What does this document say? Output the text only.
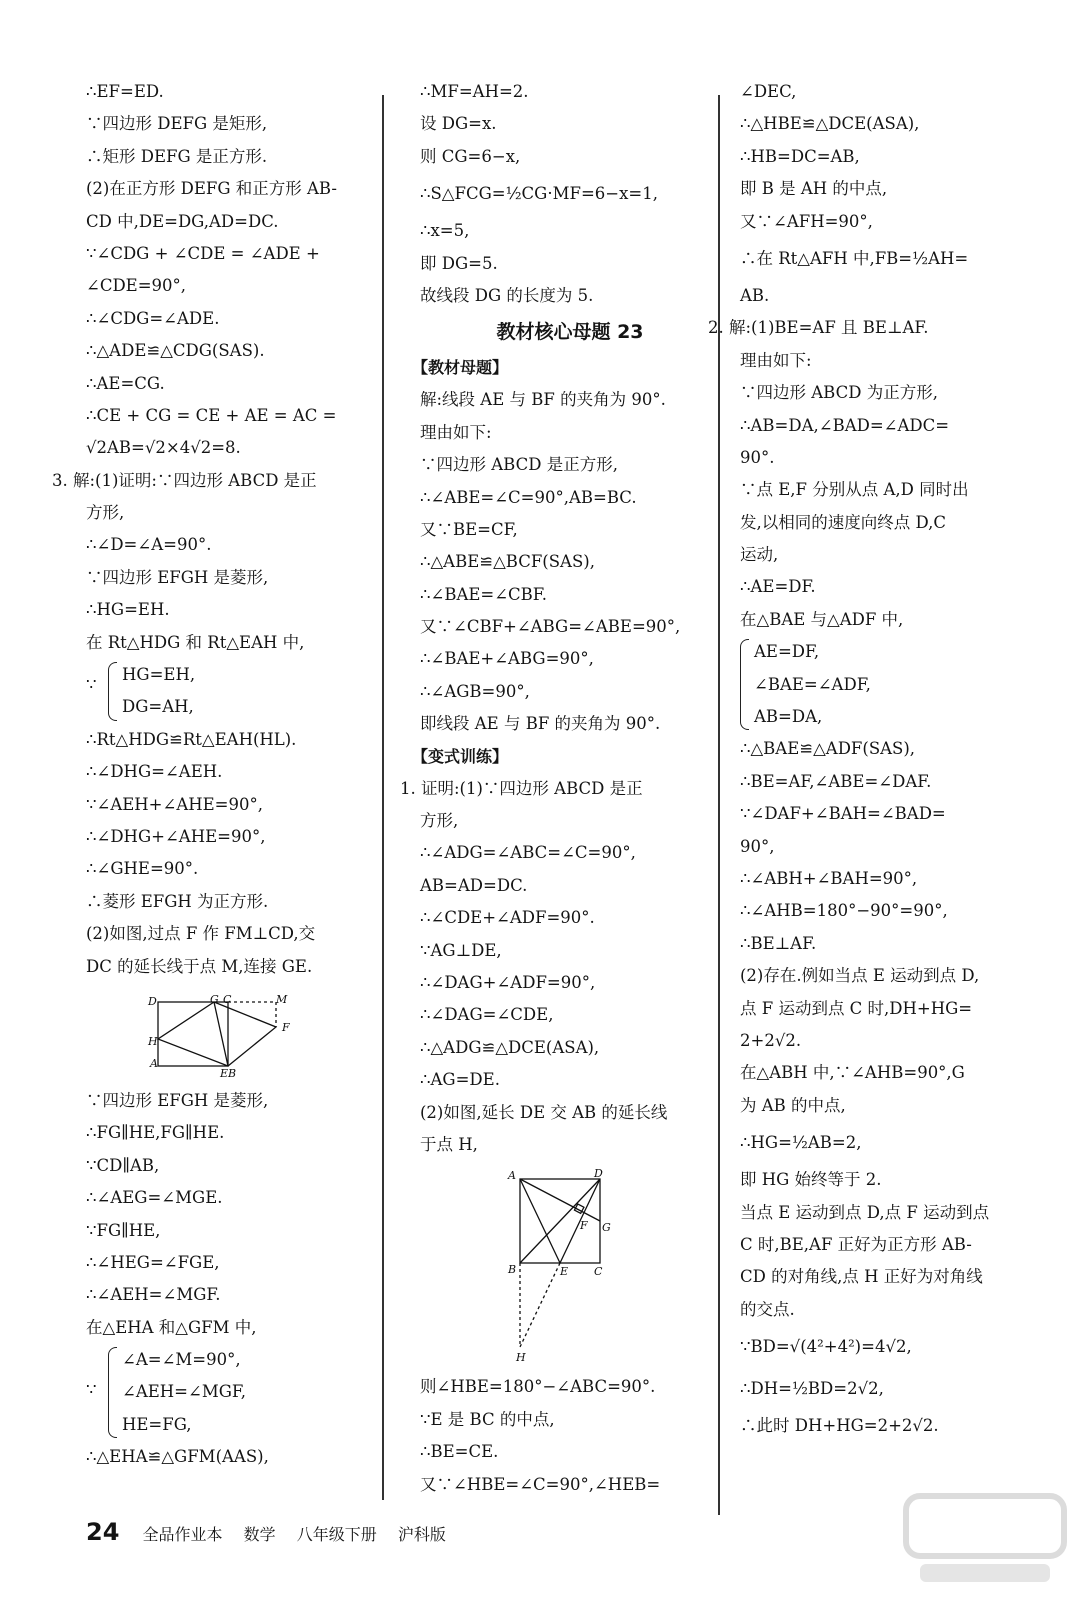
∴EF=ED.
∵四边形 DEFG 是矩形,
∴矩形 DEFG 是正方形.
(2)在正方形 DEFG 和正方形 AB-
CD 中,DE=DG,AD=DC.
∵∠CDG + ∠CDE = ∠ADE +
∠CDE=90°,
∴∠CDG=∠ADE.
∴△ADE≌△CDG(SAS).
∴AE=CG.
∴CE + CG = CE + AE = AC =
√2AB=√2×4√2=8.
3. 解:(1)证明:∵四边形 ABCD 是正
方形,
∴∠D=∠A=90°.
∵四边形 EFGH 是菱形,
∴HG=EH.
在 Rt△HDG 和 Rt△EAH 中,
∵
HG=EH,
DG=AH,
∴Rt△HDG≌Rt△EAH(HL).
∴∠DHG=∠AEH.
∵∠AEH+∠AHE=90°,
∴∠DHG+∠AHE=90°,
∴∠GHE=90°.
∴菱形 EFGH 为正方形.
(2)如图,过点 F 作 FM⊥CD,交
DC 的延长线于点 M,连接 GE.
D	G C	M
H
F
A
E B
∵四边形 EFGH 是菱形,
∴FG∥HE,FG∥HE.
∵CD∥AB,
∴∠AEG=∠MGE.
∵FG∥HE,
∴∠HEG=∠FGE,
∴∠AEH=∠MGF.
在△EHA 和△GFM 中,
∵
∠A=∠M=90°,
∠AEH=∠MGF,
HE=FG,
∴△EHA≌△GFM(AAS),
∴MF=AH=2.
设 DG=x.
则 CG=6−x,
∴S△FCG=½CG·MF=6−x=1,
∴x=5,
即 DG=5.
故线段 DG 的长度为 5.
教材核心母题 23
【教材母题】
解:线段 AE 与 BF 的夹角为 90°.
理由如下:
∵四边形 ABCD 是正方形,
∴∠ABE=∠C=90°,AB=BC.
又∵BE=CF,
∴△ABE≌△BCF(SAS),
∴∠BAE=∠CBF.
又∵∠CBF+∠ABG=∠ABE=90°,
∴∠BAE+∠ABG=90°,
∴∠AGB=90°,
即线段 AE 与 BF 的夹角为 90°.
【变式训练】
1. 证明:(1)∵四边形 ABCD 是正
方形,
∴∠ADG=∠ABC=∠C=90°,
AB=AD=DC.
∴∠CDE+∠ADF=90°.
∵AG⊥DE,
∴∠DAG+∠ADF=90°,
∴∠DAG=∠CDE,
∴△ADG≌△DCE(ASA),
∴AG=DE.
(2)如图,延长 DE 交 AB 的延长线
于点 H,
A	D
F G
B	E C
H
则∠HBE=180°−∠ABC=90°.
∵E 是 BC 的中点,
∴BE=CE.
又∵∠HBE=∠C=90°,∠HEB=
∠DEC,
∴△HBE≌△DCE(ASA),
∴HB=DC=AB,
即 B 是 AH 的中点,
又∵∠AFH=90°,
∴在 Rt△AFH 中,FB=½AH=
AB.
2. 解:(1)BE=AF 且 BE⊥AF.
理由如下:
∵四边形 ABCD 为正方形,
∴AB=DA,∠BAD=∠ADC=
90°.
∵点 E,F 分别从点 A,D 同时出
发,以相同的速度向终点 D,C
运动,
∴AE=DF.
在△BAE 与△ADF 中,
AE=DF,
∠BAE=∠ADF,
AB=DA,
∴△BAE≌△ADF(SAS),
∴BE=AF,∠ABE=∠DAF.
∵∠DAF+∠BAH=∠BAD=
90°,
∴∠ABH+∠BAH=90°,
∴∠AHB=180°−90°=90°,
∴BE⊥AF.
(2)存在.例如当点 E 运动到点 D,
点 F 运动到点 C 时,DH+HG=
2+2√2.
在△ABH 中,∵∠AHB=90°,G
为 AB 的中点,
∴HG=½AB=2,
即 HG 始终等于 2.
当点 E 运动到点 D,点 F 运动到点
C 时,BE,AF 正好为正方形 AB-
CD 的对角线,点 H 正好为对角线
的交点.
∵BD=√(4²+4²)=4√2,
∴DH=½BD=2√2,
∴此时 DH+HG=2+2√2.
24 全品作业本 数学 八年级下册 沪科版
